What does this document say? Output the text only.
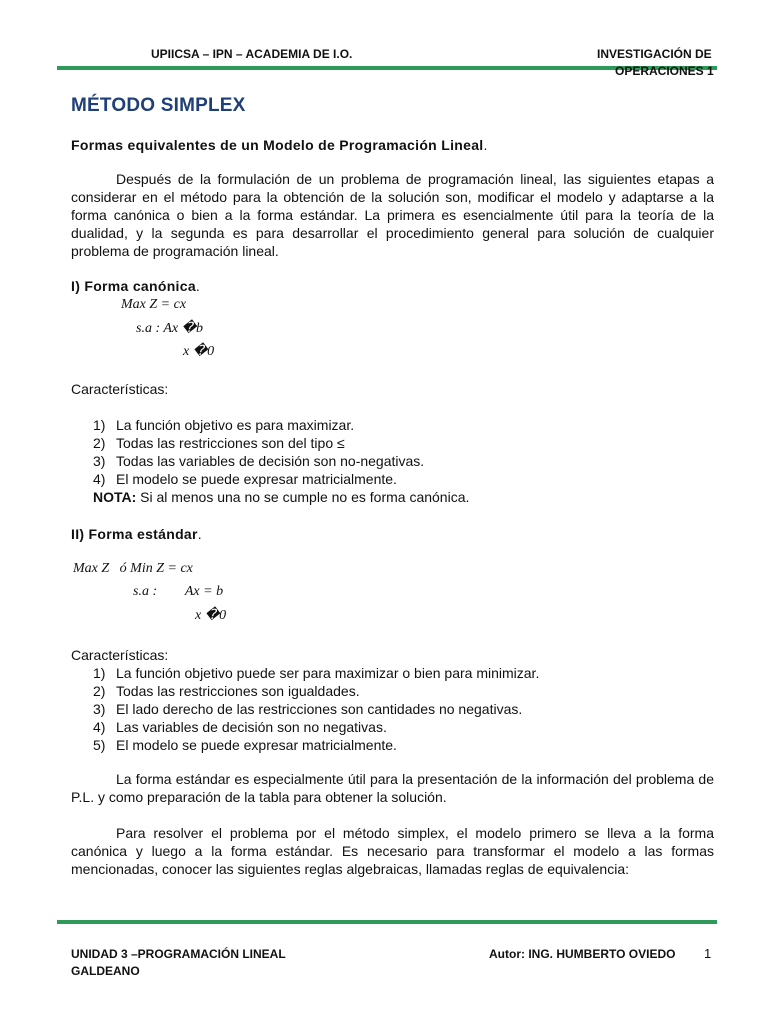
UPIICSA – IPN – ACADEMIA DE I.O.	INVESTIGACIÓN DE
OPERACIONES 1
MÉTODO SIMPLEX
Formas equivalentes de un Modelo de Programación Lineal.
Después de la formulación de un problema de programación lineal, las siguientes etapas a considerar en el método para la obtención de la solución son, modificar el modelo y adaptarse a la forma canónica o bien a la forma estándar. La primera es esencialmente útil para la teoría de la dualidad, y la segunda es para desarrollar el procedimiento general para solución de cualquier problema de programación lineal.
I) Forma canónica.
Max Z = cx
s.a : Ax �b
x �0
Características:
1) La función objetivo es para maximizar.
2) Todas las restricciones son del tipo ≤
3) Todas las variables de decisión son no-negativas.
4) El modelo se puede expresar matricialmente.
NOTA: Si al menos una no se cumple no es forma canónica.
II) Forma estándar.
Max Z   ó Min Z = cx
s.a :        Ax = b
x �0
Características:
1) La función objetivo puede ser para maximizar o bien para minimizar.
2) Todas las restricciones son igualdades.
3) El lado derecho de las restricciones son cantidades no negativas.
4) Las variables de decisión son no negativas.
5) El modelo se puede expresar matricialmente.
La forma estándar es especialmente útil para la presentación de la información del problema de P.L. y como preparación de la tabla para obtener la solución.
Para resolver el problema por el método simplex, el modelo primero se lleva a la forma canónica y luego a la forma estándar. Es necesario para transformar el modelo a las formas mencionadas, conocer las siguientes reglas algebraicas, llamadas reglas de equivalencia:
UNIDAD 3 –PROGRAMACIÓN LINEAL
GALDEANO
Autor: ING. HUMBERTO OVIEDO 1
